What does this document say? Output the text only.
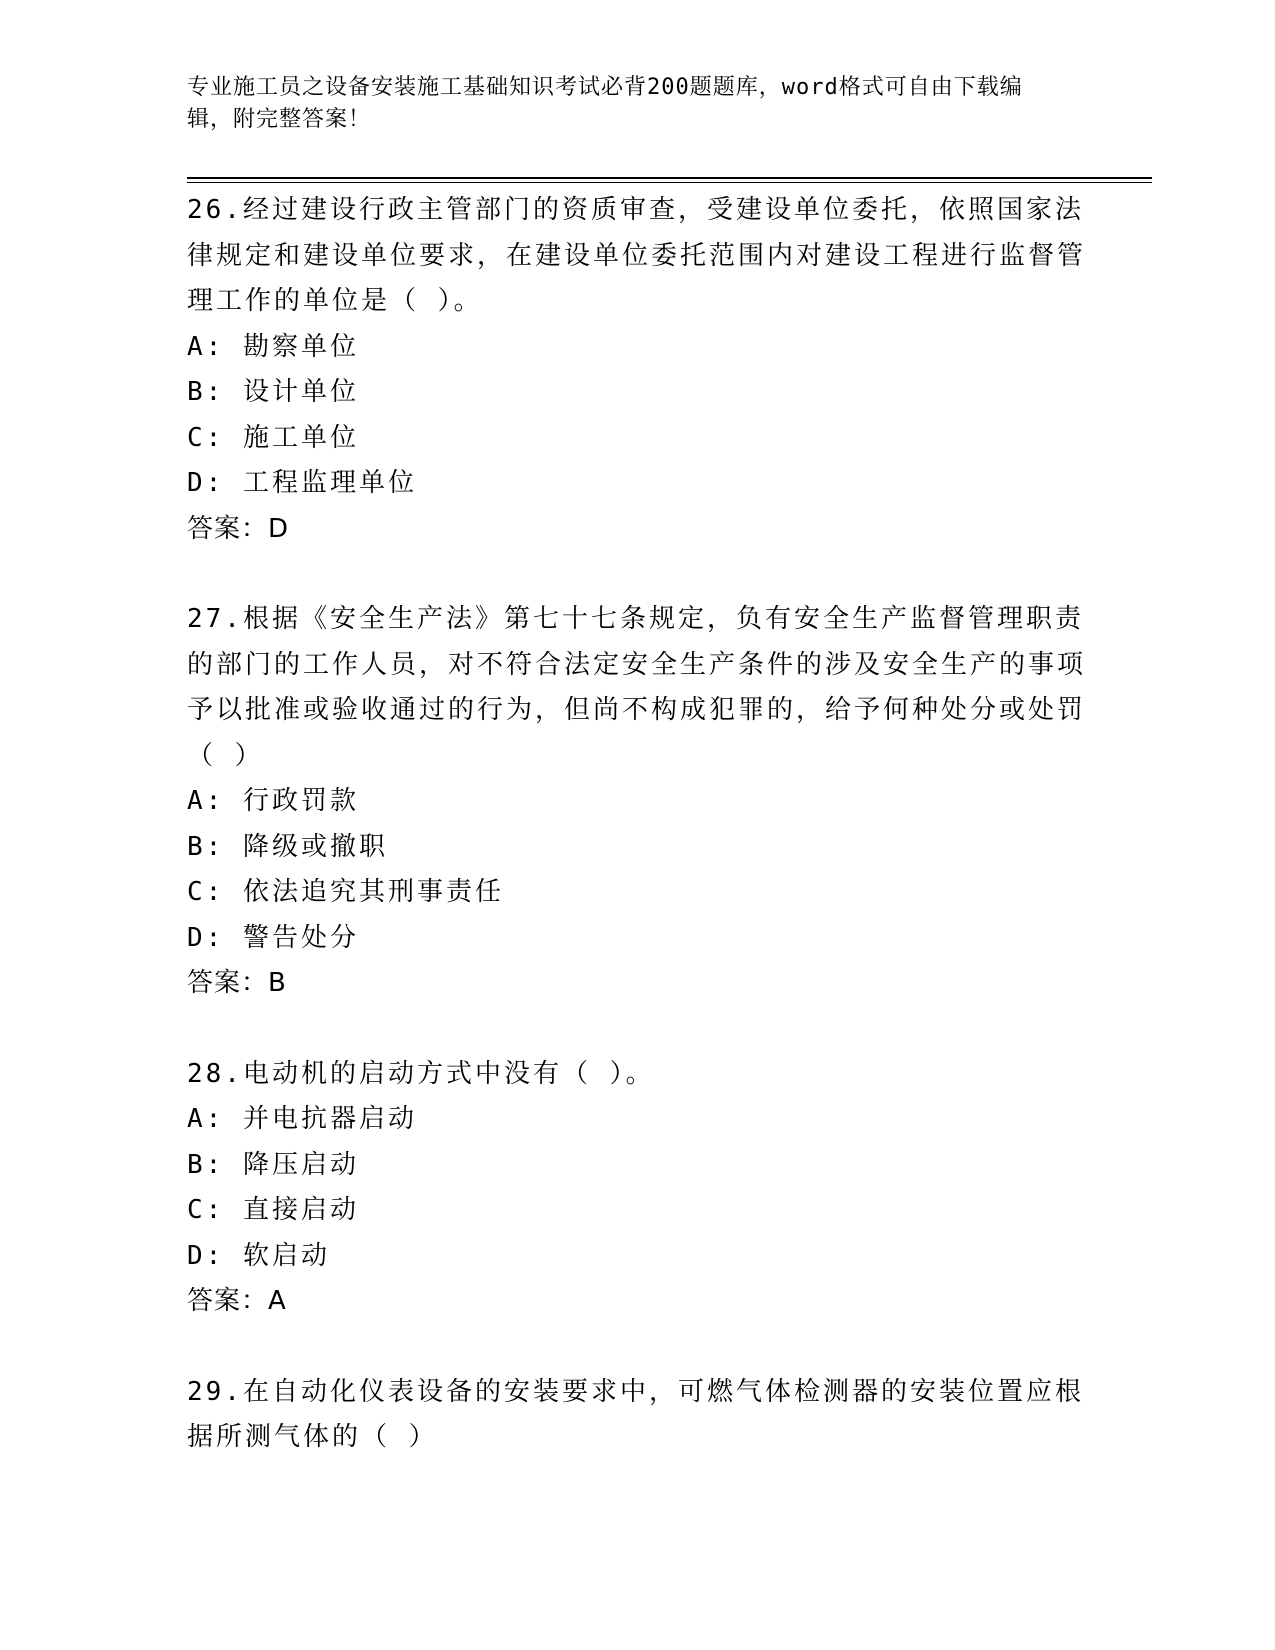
专业施工员之设备安装施工基础知识考试必背200题题库，word格式可自由下载编辑，附完整答案！
26.经过建设行政主管部门的资质审查，受建设单位委托，依照国家法律规定和建设单位要求，在建设单位委托范围内对建设工程进行监督管理工作的单位是（ ）。
A: 勘察单位
B: 设计单位
C: 施工单位
D: 工程监理单位
答案：D
27.根据《安全生产法》第七十七条规定，负有安全生产监督管理职责的部门的工作人员，对不符合法定安全生产条件的涉及安全生产的事项予以批准或验收通过的行为，但尚不构成犯罪的，给予何种处分或处罚（ ）
A: 行政罚款
B: 降级或撤职
C: 依法追究其刑事责任
D: 警告处分
答案：B
28.电动机的启动方式中没有（ ）。
A: 并电抗器启动
B: 降压启动
C: 直接启动
D: 软启动
答案：A
29.在自动化仪表设备的安装要求中，可燃气体检测器的安装位置应根据所测气体的（ ）
